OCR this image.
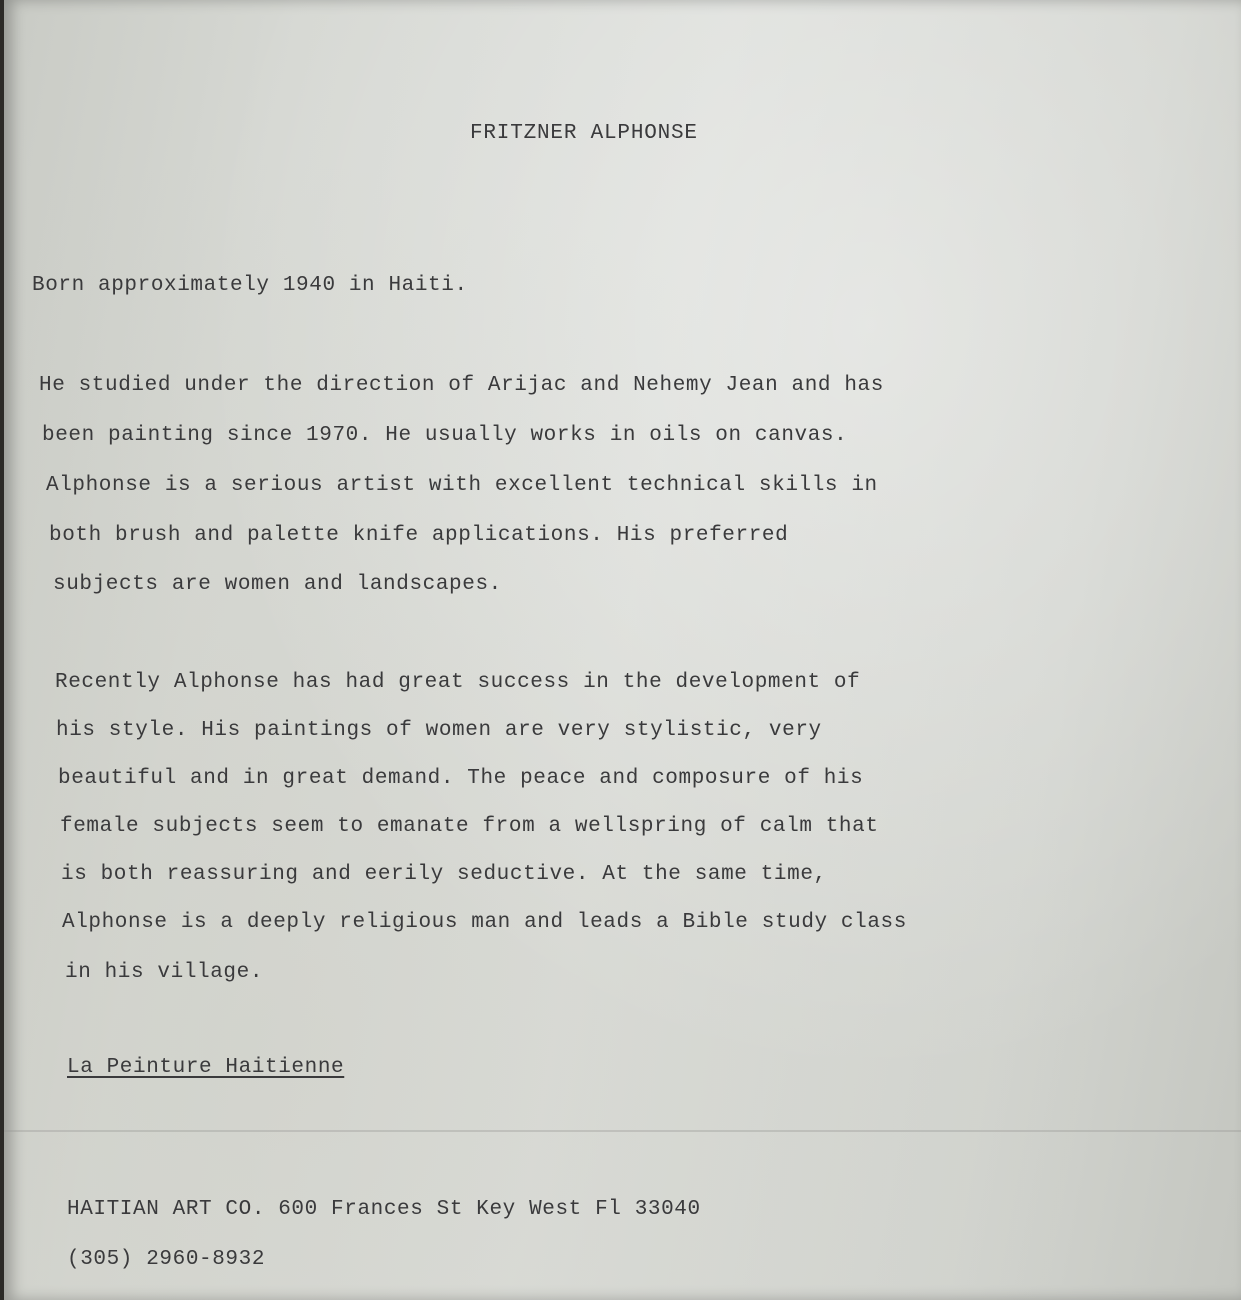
FRITZNER ALPHONSE

Born approximately 1940 in Haiti.

He studied under the direction of Arijac and Nehemy Jean and has

been painting since 1970. He usually works in oils on canvas.

Alphonse is a serious artist with excellent technical skills in

both brush and palette knife applications. His preferred

subjects are women and landscapes.

Recently Alphonse has had great success in the development of

his style. His paintings of women are very stylistic, very

beautiful and in great demand. The peace and composure of his

female subjects seem to emanate from a wellspring of calm that

is both reassuring and eerily seductive. At the same time,

Alphonse is a deeply religious man and leads a Bible study class

in his village.

La Peinture Haitienne

HAITIAN ART CO. 600 Frances St Key West Fl 33040

(305) 2960-8932
